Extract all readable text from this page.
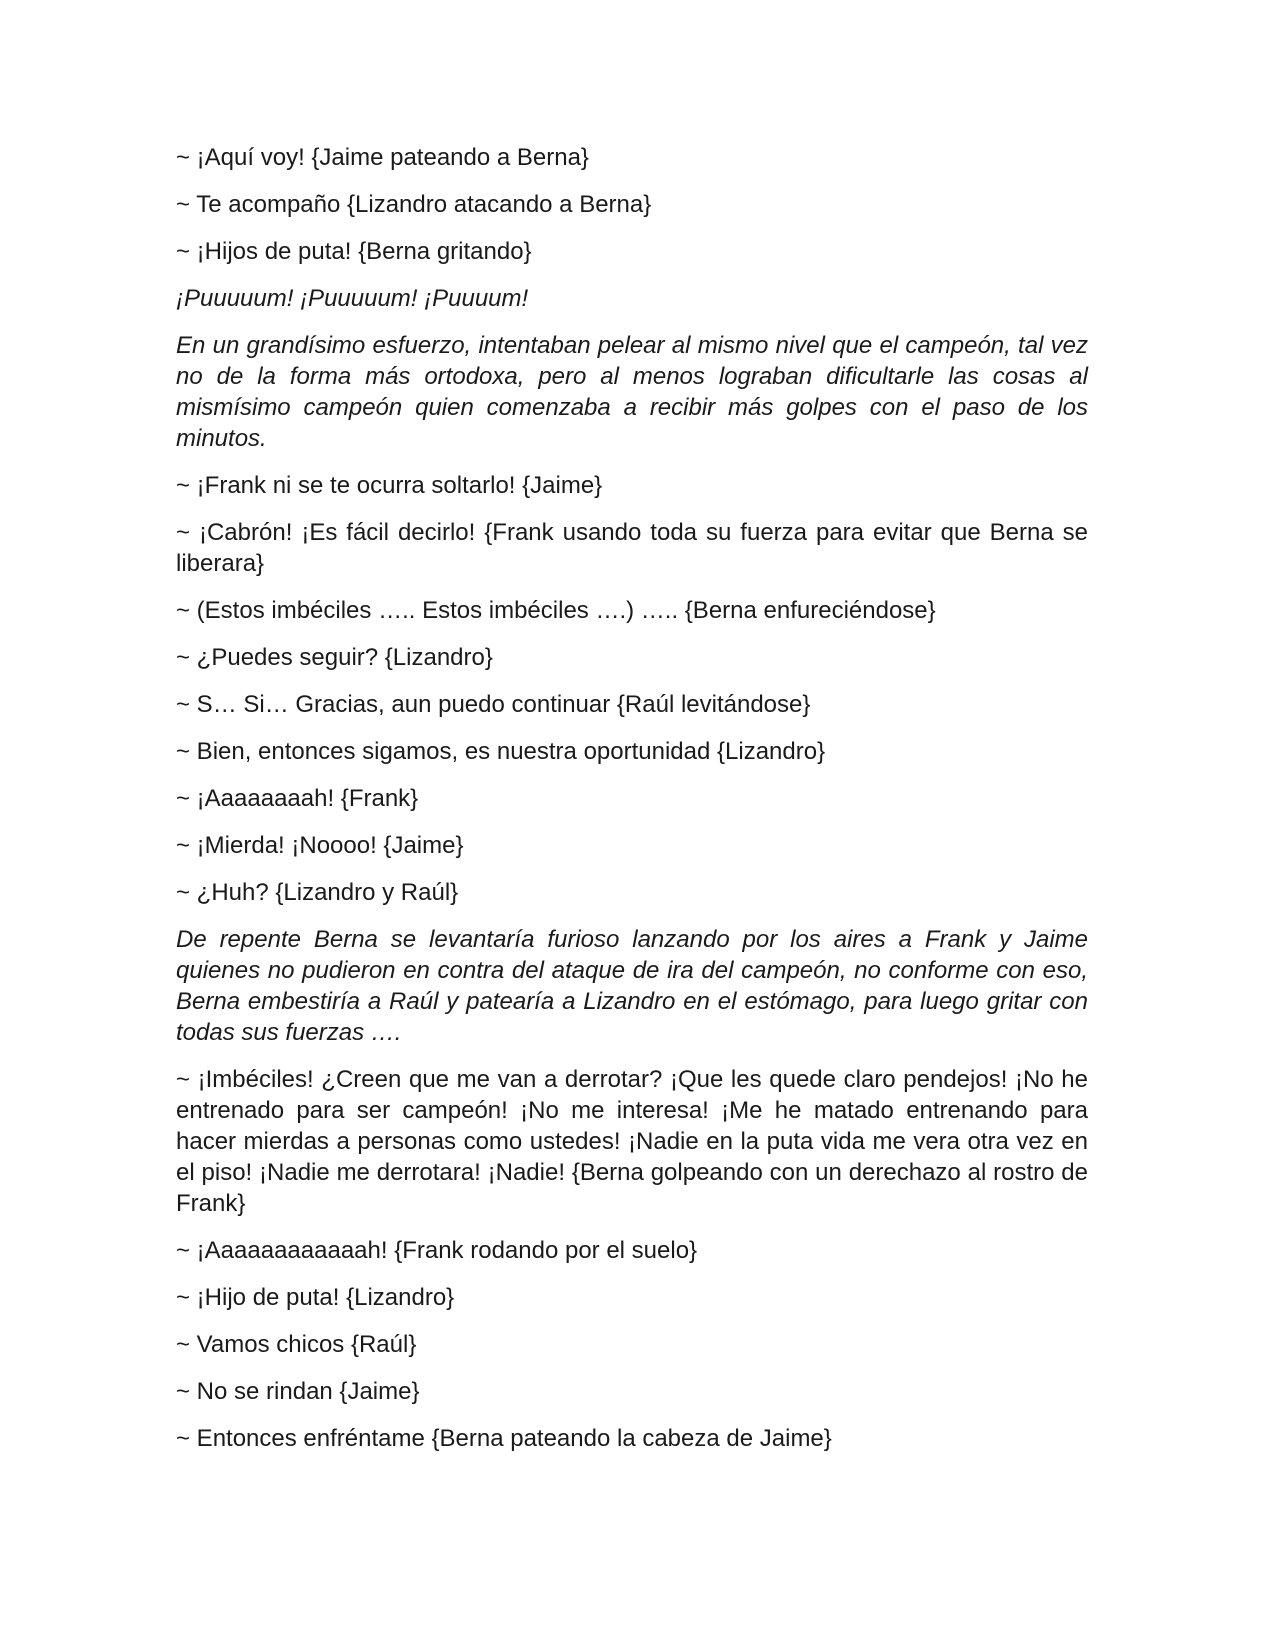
~ ¡Aquí voy! {Jaime pateando a Berna}

~ Te acompaño {Lizandro atacando a Berna}

~ ¡Hijos de puta! {Berna gritando}

¡Puuuuum! ¡Puuuuum! ¡Puuuum!

En un grandísimo esfuerzo, intentaban pelear al mismo nivel que el campeón, tal vez no de la forma más ortodoxa, pero al menos lograban dificultarle las cosas al mismísimo campeón quien comenzaba a recibir más golpes con el paso de los minutos.

~ ¡Frank ni se te ocurra soltarlo! {Jaime}

~ ¡Cabrón! ¡Es fácil decirlo! {Frank usando toda su fuerza para evitar que Berna se liberara}

~ (Estos imbéciles ….. Estos imbéciles ….) ….. {Berna enfureciéndose}

~ ¿Puedes seguir? {Lizandro}

~ S… Si… Gracias, aun puedo continuar {Raúl levitándose}

~ Bien, entonces sigamos, es nuestra oportunidad {Lizandro}

~ ¡Aaaaaaaah! {Frank}

~ ¡Mierda! ¡Noooo! {Jaime}

~ ¿Huh? {Lizandro y Raúl}

De repente Berna se levantaría furioso lanzando por los aires a Frank y Jaime quienes no pudieron en contra del ataque de ira del campeón, no conforme con eso, Berna embestiría a Raúl y patearía a Lizandro en el estómago, para luego gritar con todas sus fuerzas ….

~ ¡Imbéciles! ¿Creen que me van a derrotar? ¡Que les quede claro pendejos! ¡No he entrenado para ser campeón! ¡No me interesa! ¡Me he matado entrenando para hacer mierdas a personas como ustedes! ¡Nadie en la puta vida me vera otra vez en el piso! ¡Nadie me derrotara! ¡Nadie! {Berna golpeando con un derechazo al rostro de Frank}

~ ¡Aaaaaaaaaaaah! {Frank rodando por el suelo}

~ ¡Hijo de puta! {Lizandro}

~ Vamos chicos {Raúl}

~ No se rindan {Jaime}

~ Entonces enfréntame {Berna pateando la cabeza de Jaime}
